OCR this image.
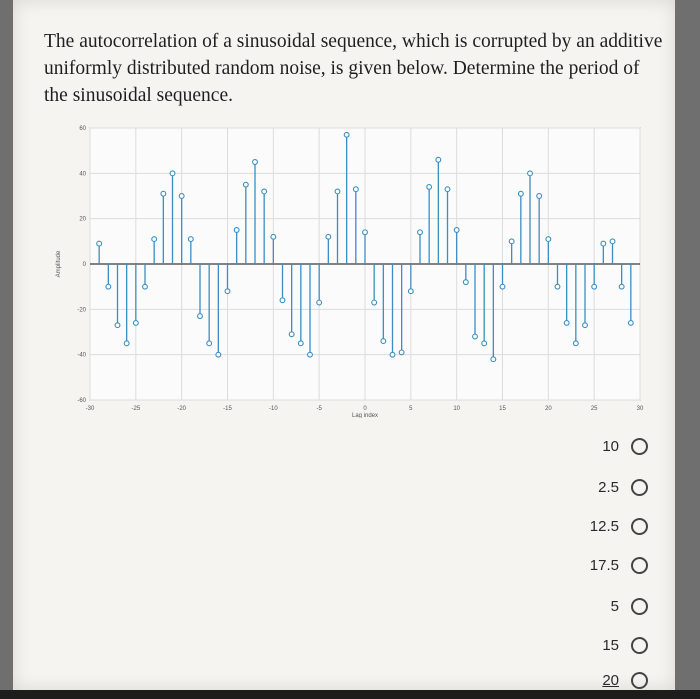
The autocorrelation of a sinusoidal sequence, which is corrupted by an additive uniformly distributed random noise, is given below. Determine the period of the sinusoidal sequence.

-30	-25	-20	-15	-10	-5	0	5	10	15	20	25	30
-60
-40
-20
0
20
40
60
Lag index
Amplitude
10
2.5
12.5
17.5
5
15
20
